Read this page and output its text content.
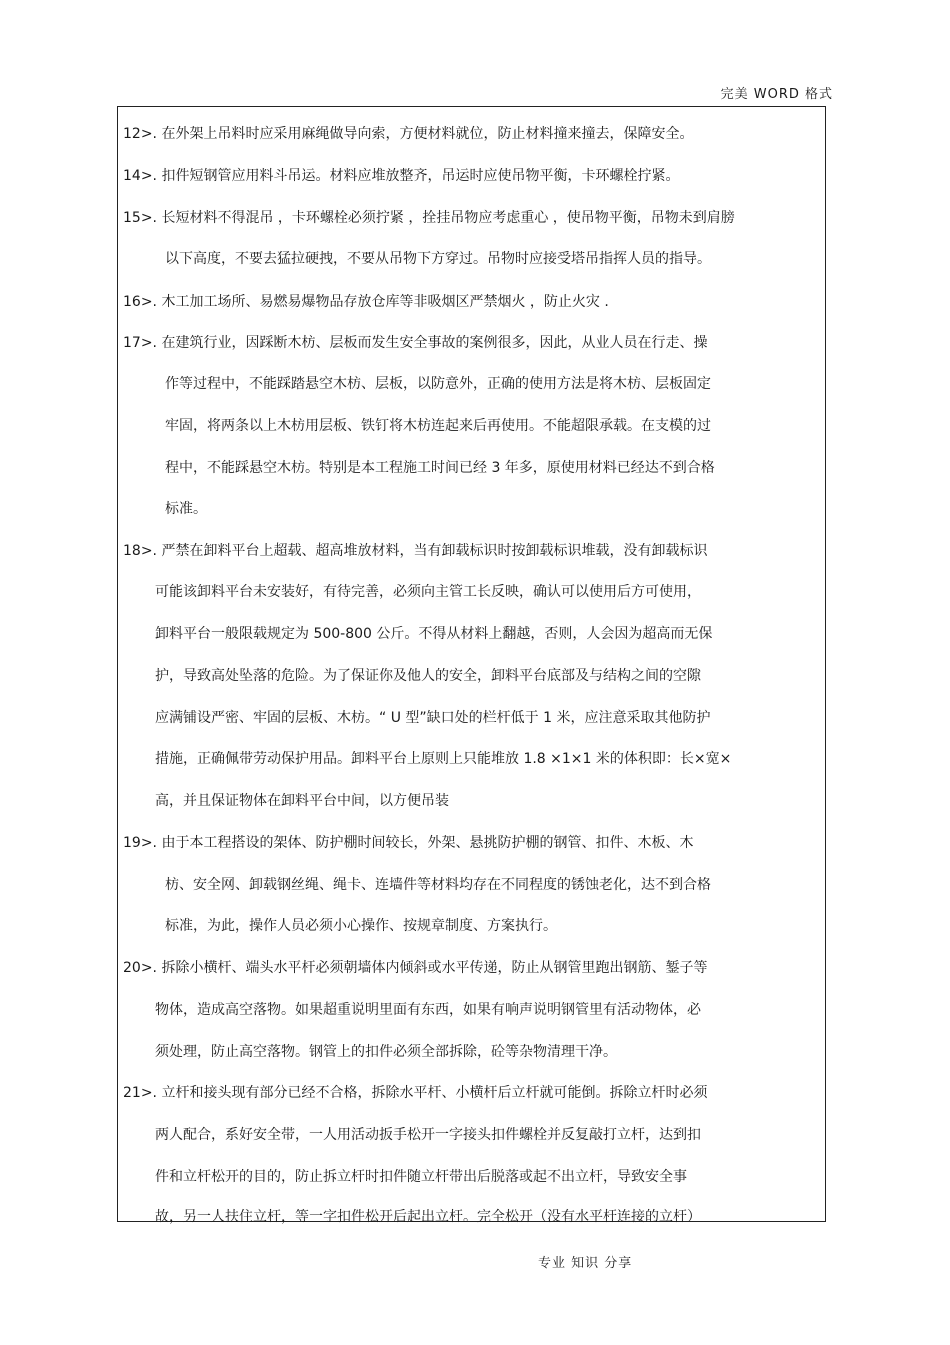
完美 WORD 格式
12>. 在外架上吊料时应采用麻绳做导向索，方便材料就位，防止材料撞来撞去，保障安全。
14>. 扣件短钢管应用料斗吊运。材料应堆放整齐，吊运时应使吊物平衡，卡环螺栓拧紧。
15>. 长短材料不得混吊 ，卡环螺栓必须拧紧 ，拴挂吊物应考虑重心 ，使吊物平衡，吊物未到肩膀
以下高度，不要去猛拉硬拽，不要从吊物下方穿过。吊物时应接受塔吊指挥人员的指导。
16>. 木工加工场所、易燃易爆物品存放仓库等非吸烟区严禁烟火 ，防止火灾 .
17>. 在建筑行业，因踩断木枋、层板而发生安全事故的案例很多，因此，从业人员在行走、操
作等过程中，不能踩踏悬空木枋、层板，以防意外，正确的使用方法是将木枋、层板固定
牢固，将两条以上木枋用层板、铁钉将木枋连起来后再使用。不能超限承载。在支模的过
程中，不能踩悬空木枋。特别是本工程施工时间已经 3 年多，原使用材料已经达不到合格
标准。
18>. 严禁在卸料平台上超载、超高堆放材料，当有卸载标识时按卸载标识堆载，没有卸载标识
可能该卸料平台未安装好，有待完善，必须向主管工长反映，确认可以使用后方可使用，
卸料平台一般限载规定为 500-800 公斤。不得从材料上翻越，否则，人会因为超高而无保
护，导致高处坠落的危险。为了保证你及他人的安全，卸料平台底部及与结构之间的空隙
应满铺设严密、牢固的层板、木枋。“ U 型”缺口处的栏杆低于 1 米，应注意采取其他防护
措施，正确佩带劳动保护用品。卸料平台上原则上只能堆放 1.8 ×1×1 米的体积即：长×宽×
高，并且保证物体在卸料平台中间，以方便吊装
19>. 由于本工程搭设的架体、防护棚时间较长，外架、悬挑防护棚的钢管、扣件、木板、木
枋、安全网、卸载钢丝绳、绳卡、连墙件等材料均存在不同程度的锈蚀老化，达不到合格
标准，为此，操作人员必须小心操作、按规章制度、方案执行。
20>. 拆除小横杆、端头水平杆必须朝墙体内倾斜或水平传递，防止从钢管里跑出钢筋、錾子等
物体，造成高空落物。如果超重说明里面有东西，如果有响声说明钢管里有活动物体，必
须处理，防止高空落物。钢管上的扣件必须全部拆除，砼等杂物清理干净。
21>. 立杆和接头现有部分已经不合格，拆除水平杆、小横杆后立杆就可能倒。拆除立杆时必须
两人配合，系好安全带，一人用活动扳手松开一字接头扣件螺栓并反复敲打立杆，达到扣
件和立杆松开的目的，防止拆立杆时扣件随立杆带出后脱落或起不出立杆，导致安全事
故，另一人扶住立杆，等一字扣件松开后起出立杆。完全松开（没有水平杆连接的立杆）
专业 知识 分享
